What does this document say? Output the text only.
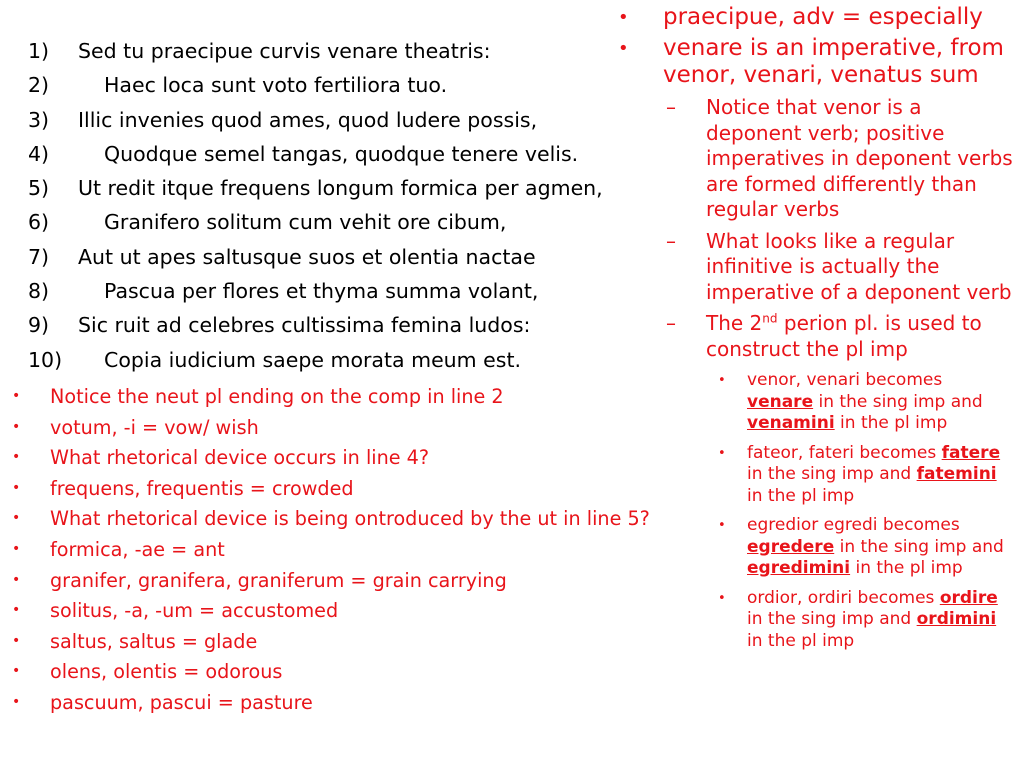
1)	Sed tu praecipue curvis venare theatris:
2)	Haec loca sunt voto fertiliora tuo.
3)	Illic invenies quod ames, quod ludere possis,
4)	Quodque semel tangas, quodque tenere velis.
5)	Ut redit itque frequens longum formica per agmen,
6)	Granifero solitum cum vehit ore cibum,
7)	Aut ut apes saltusque suos et olentia nactae
8)	Pascua per flores et thyma summa volant,
9)	Sic ruit ad celebres cultissima femina ludos:
10)	Copia iudicium saepe morata meum est.
•	Notice the neut pl ending on the comp in line 2
•	votum, -i = vow/ wish
•	What rhetorical device occurs in line 4?
•	frequens, frequentis = crowded
•	What rhetorical device is being ontroduced by the ut in line 5?
•	formica, -ae = ant
•	granifer, granifera, graniferum = grain carrying
•	solitus, -a, -um = accustomed
•	saltus, saltus = glade
•	olens, olentis = odorous
•	pascuum, pascui = pasture
•	praecipue, adv = especially
•	venare is an imperative, from venor, venari, venatus sum
–	Notice that venor is a deponent verb; positive imperatives in deponent verbs are formed differently than regular verbs
–	What looks like a regular infinitive is actually the imperative of a deponent verb
–	The 2nd perion pl. is used to construct the pl imp
•	venor, venari becomes venare in the sing imp and venamini in the pl imp
•	fateor, fateri becomes fatere in the sing imp and fatemini in the pl imp
•	egredior egredi becomes egredere in the sing imp and egredimini in the pl imp
•	ordior, ordiri becomes ordire in the sing imp and ordimini in the pl imp
